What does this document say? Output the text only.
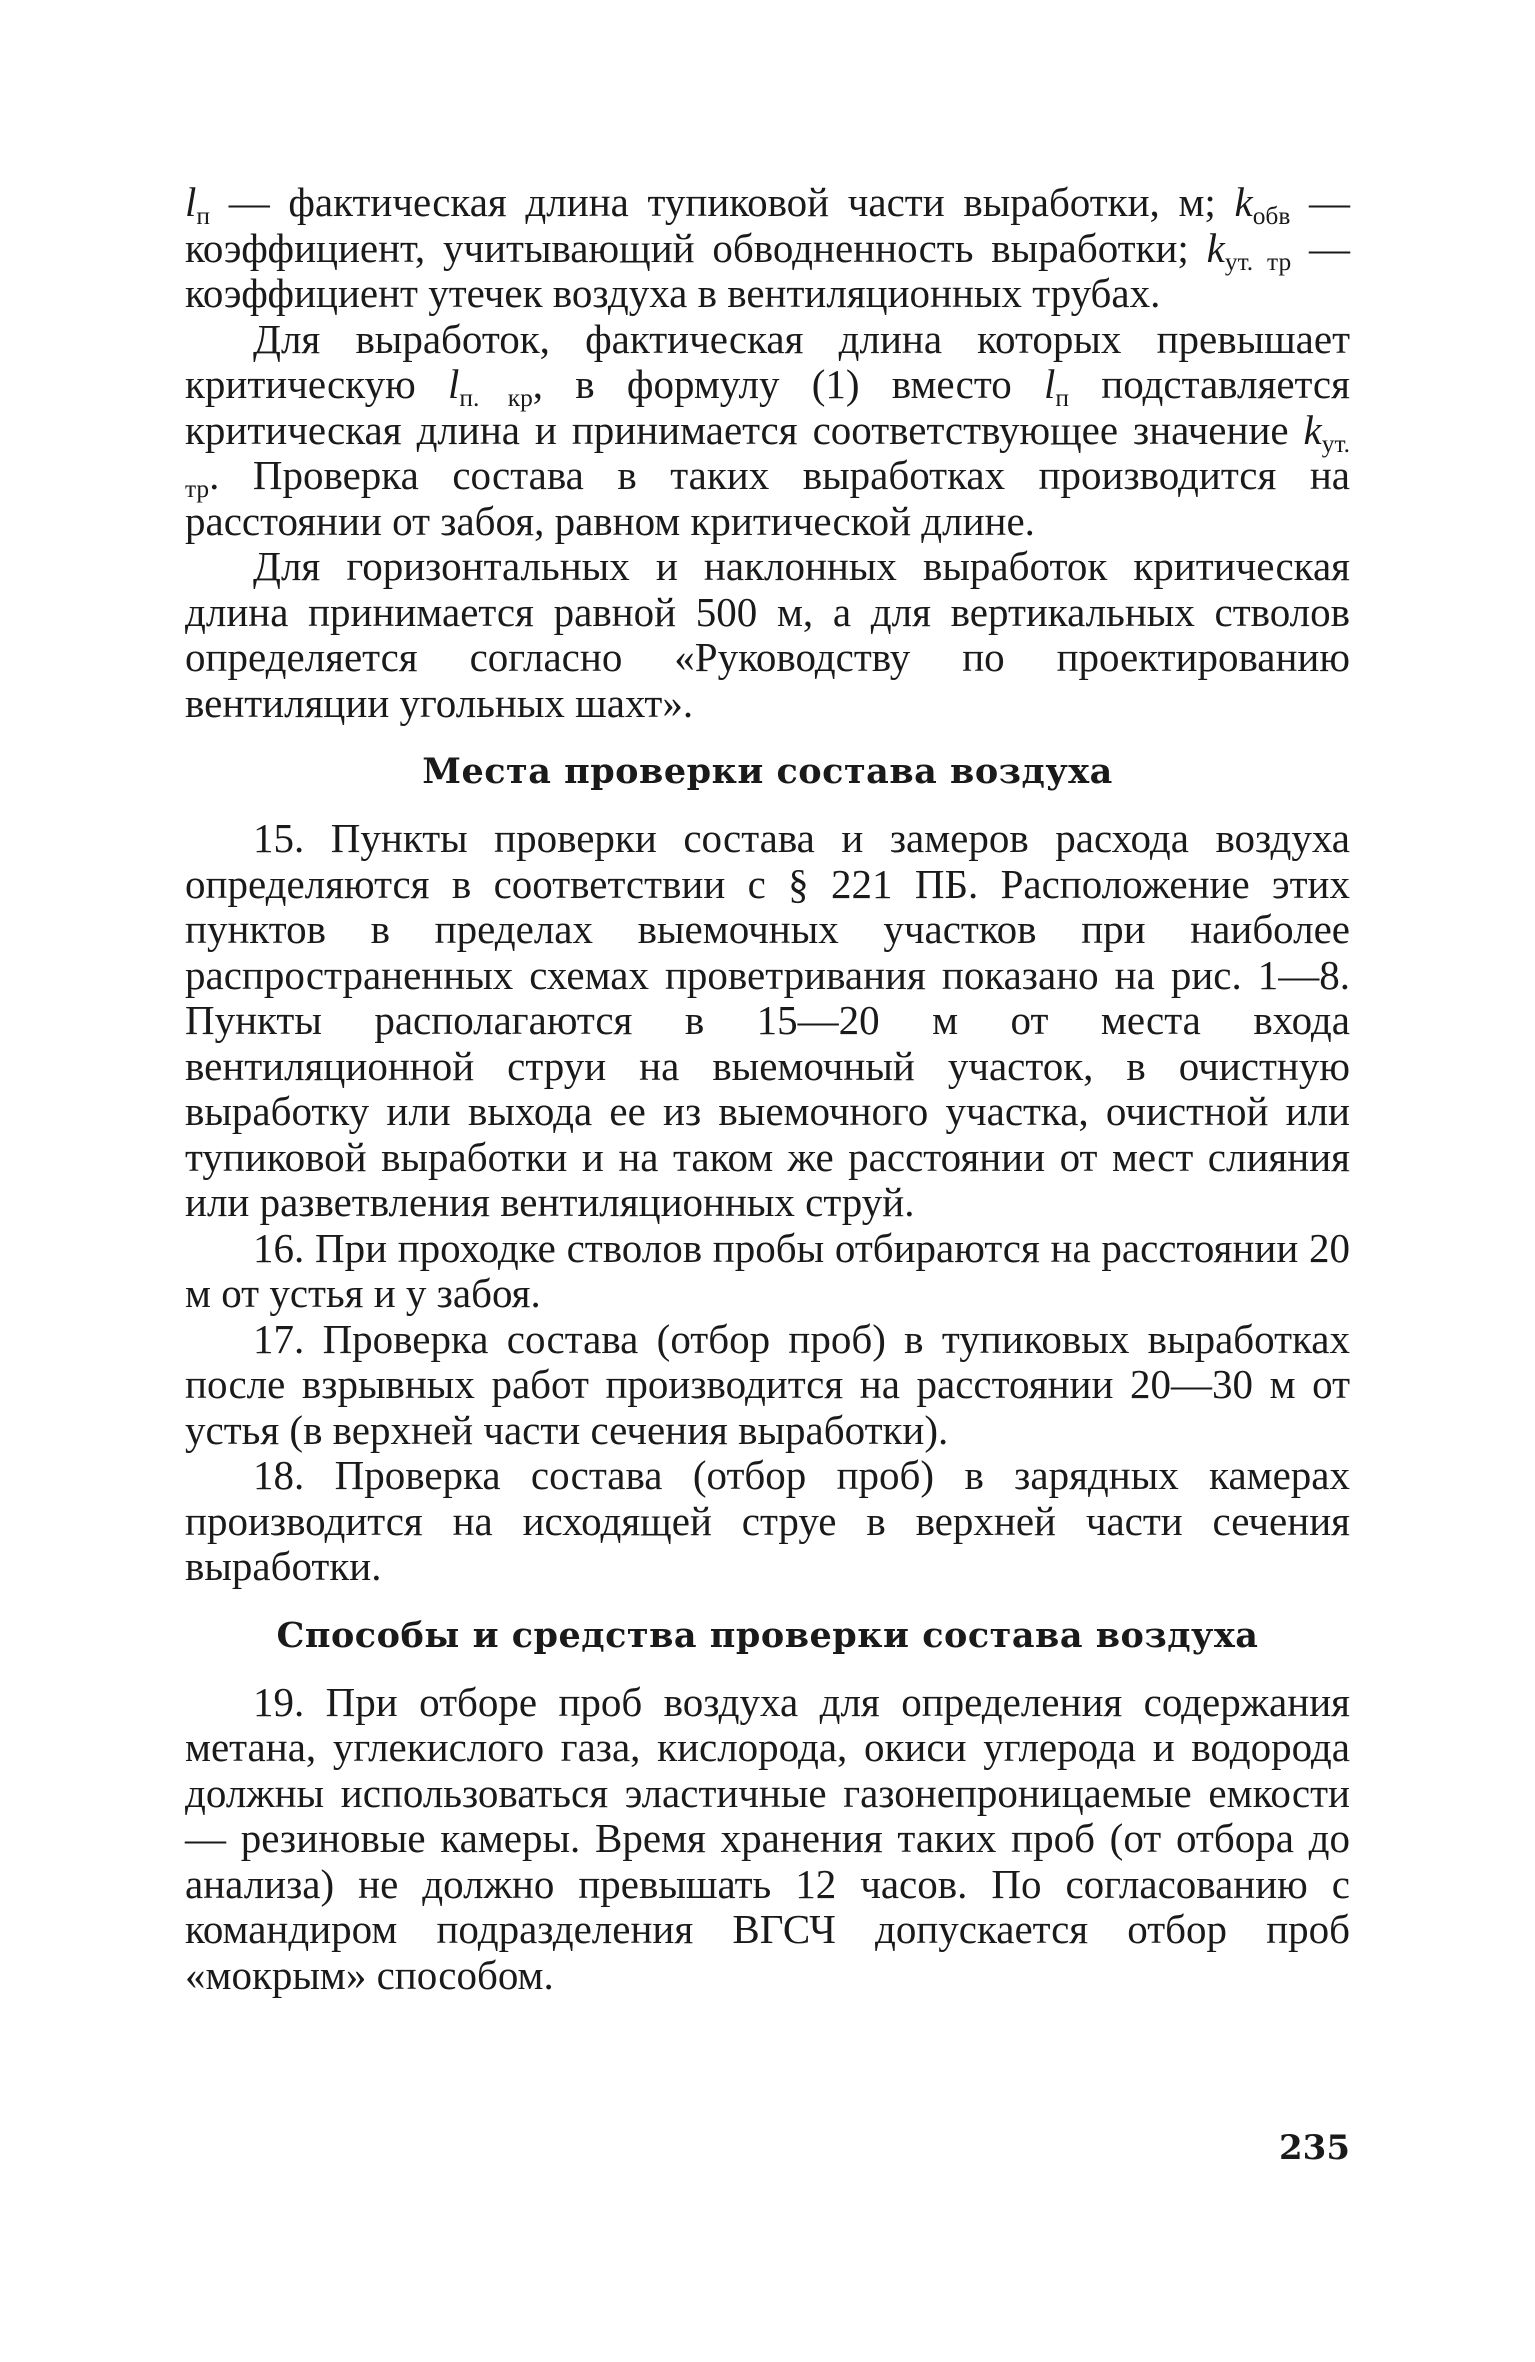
$l_п$ — фактическая длина тупиковой части выработки, м; $k_{обв}$ — коэффициент, учитывающий обводненность выработки; $k_{ут. тр}$ — коэффициент утечек воздуха в вентиляционных трубах.

Для выработок, фактическая длина которых превышает критическую $l_{п. кр}$, в формулу (1) вместо $l_п$ подставляется критическая длина и принимается соответствующее значение $k_{ут. тр}$. Проверка состава в таких выработках производится на расстоянии от забоя, равном критической длине.

Для горизонтальных и наклонных выработок критическая длина принимается равной 500 м, а для вертикальных стволов определяется согласно «Руководству по проектированию вентиляции угольных шахт».

Места проверки состава воздуха

15. Пункты проверки состава и замеров расхода воздуха определяются в соответствии с § 221 ПБ. Расположение этих пунктов в пределах выемочных участков при наиболее распространенных схемах проветривания показано на рис. 1—8. Пункты располагаются в 15—20 м от места входа вентиляционной струи на выемочный участок, в очистную выработку или выхода ее из выемочного участка, очистной или тупиковой выработки и на таком же расстоянии от мест слияния или разветвления вентиляционных струй.

16. При проходке стволов пробы отбираются на расстоянии 20 м от устья и у забоя.

17. Проверка состава (отбор проб) в тупиковых выработках после взрывных работ производится на расстоянии 20—30 м от устья (в верхней части сечения выработки).

18. Проверка состава (отбор проб) в зарядных камерах производится на исходящей струе в верхней части сечения выработки.

Способы и средства проверки состава воздуха

19. При отборе проб воздуха для определения содержания метана, углекислого газа, кислорода, окиси углерода и водорода должны использоваться эластичные газонепроницаемые емкости — резиновые камеры. Время хранения таких проб (от отбора до анализа) не должно превышать 12 часов. По согласованию с командиром подразделения ВГСЧ допускается отбор проб «мокрым» способом.

235
